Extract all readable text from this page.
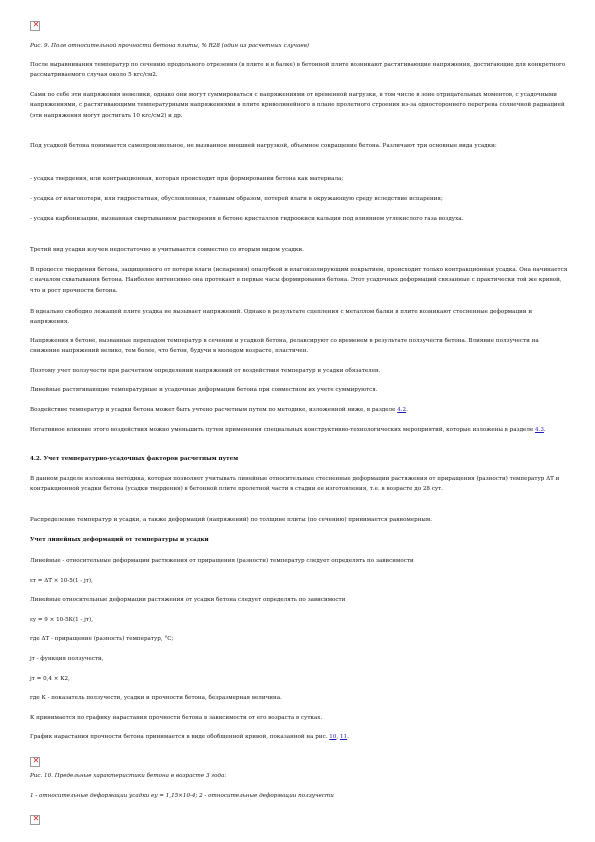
✕

Рис. 9. Поле относительной прочности бетона плиты, % R28 (один из расчетных случаев)

После выравнивания температур по сечению продольного отрезения (в плите и в балке) в бетонной плите возникают растягивающие напряжения, достигающие для конкретного рассматриваемого случая около 5 кгс/см2.

Сами по себе эти напряжения невелики, однако они могут суммироваться с напряжениями от временной нагрузки, в том числе в зоне отрицательных моментов, с усадочными напряжениями, с растягивающими температурными напряжениями в плите криволинейного в плане пролетного строения из-за одностороннего перегрева солнечной радиацией (эти напряжения могут достигать 10 кгс/см2) и др.

Под усадкой бетона понимается самопроизвольное, не вызванное внешней нагрузкой, объемное сокращение бетона. Различают три основные вида усадки:

- усадка твердения, или контракционная, которая происходит при формировании бетона как материала;

- усадка от влагопотери, или гидростатная, обусловленная, главным образом, потерей влаги в окружающую среду вследствие испарения;

- усадка карбонизации, вызванная свертыванием растворения в бетоне кристаллов гидроокиси кальция под влиянием углекислого газа воздуха.

Третий вид усадки изучен недостаточно и учитывается совместно со вторым видом усадки.

В процессе твердения бетона, защищенного от потери влаги (испарения) опалубкой и влагоизолирующим покрытием, происходит только контракционная усадка. Она начинается с началом схватывания бетона. Наиболее интенсивно она протекает в первые часы формирования бетона. Этот усадочных деформаций связанные с практически той же кривой, что и рост прочности бетона.

В идеально свободно лежащей плите усадка не вызывает напряжений. Однако в результате сцепления с металлом балки в плите возникают стесненные деформации и напряжения.

Напряжения в бетоне, вызванные перепадом температур в сечении и усадкой бетона, релаксируют со временем в результате ползучести бетона. Влияние ползучести на снижение напряжений велико, тем более, что бетон, будучи в молодом возрасте, пластичен.

Поэтому учет ползучести при расчетном определении напряжений от воздействия температур и усадки обязателен.

Линейные растягивающие температурные и усадочные деформации бетона при совместном их учете суммируются.

Воздействие температур и усадки бетона может быть учтено расчетным путем по методике, изложенной ниже, в разделе 4.2.

Негативное влияние этого воздействия можно уменьшить путем применения специальных конструктивно-технологических мероприятий, которые изложены в разделе 4.3.

4.2. Учет температурно-усадочных факторов расчетным путем

В данном разделе изложена методика, которая позволяет учитывать линейные относительные стесненные деформации растяжения от приращения (разности) температур ΔT и контракционной усадки бетона (усадки твердения) в бетонной плите пролетной части в стадии ее изготовления, т.е. в возрасте до 28 сут.

Распределение температур и усадки, а также деформаций (напряжений) по толщине плиты (по сечению) принимается равномерным.

Учет линейных деформаций от температуры и усадки

Линейные - относительные деформации растяжения от приращения (разности) температур следует определять по зависимости

εт = ΔT × 10-5(1 - jт),

Линейные относительные деформации растяжения от усадки бетона следует определять по зависимости

εy = 9 × 10-5К(1 - jт),

где ΔT - приращение (разность) температур, °С;

jт - функция ползучести,

jт = 0,4 × К2,

где К - показатель ползучести, усадки и прочности бетона, безразмерная величина.

К принимается по графику нарастания прочности бетона в зависимости от его возраста в сутках.

График нарастания прочности бетона принимается в виде обобщенной кривой, показанной на рис. 10, 11.

✕

Рис. 10. Предельные характеристики бетона в возрасте 3 года:

1 - относительные деформации усадки ey = 1,15×10-4; 2 - относительные деформации ползучести

✕
